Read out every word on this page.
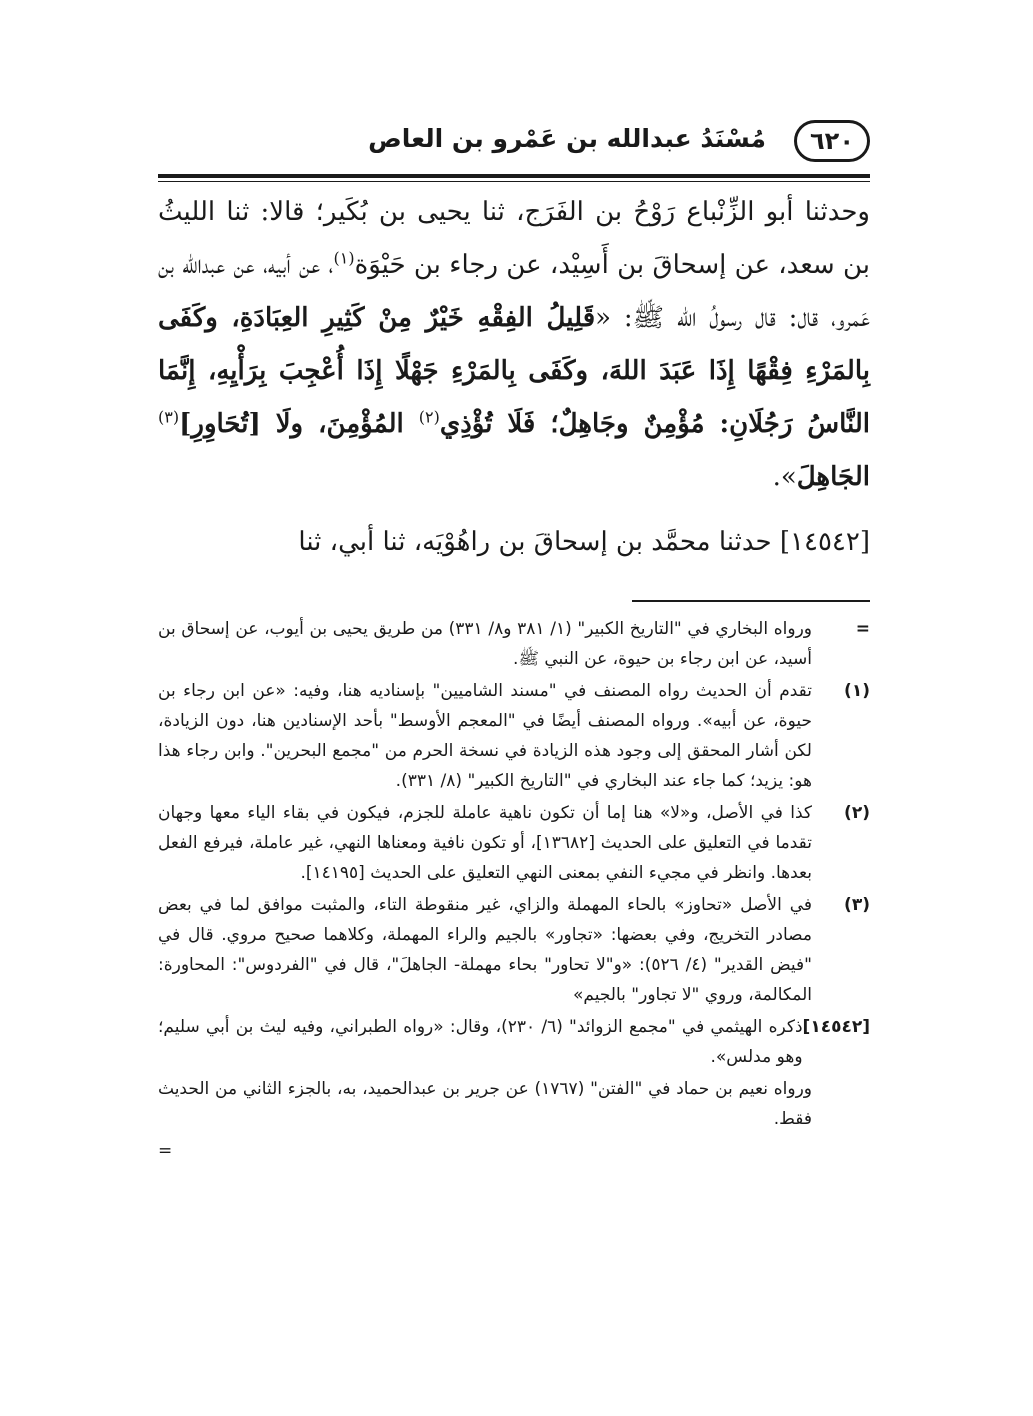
٦٢٠
مُسْنَدُ عبدالله بن عَمْرو بن العاص

وحدثنا أبو الزِّنْباع رَوْحُ بن الفَرَج، ثنا يحيى بن بُكَير؛ قالا: ثنا الليثُ بن سعد، عن إسحاقَ بن أَسِيْد، عن رجاء بن حَيْوَة$^{(١)}$، عن أبيه، عن عبدالله بن عَمرو، قال: قال رسولُ الله ﷺ: «قَلِيلُ الفِقْهِ خَيْرٌ مِنْ كَثِيرِ العِبَادَةِ، وكَفَى بِالمَرْءِ فِقْهًا إِذَا عَبَدَ اللهَ، وكَفَى بِالمَرْءِ جَهْلًا إِذَا أُعْجِبَ بِرَأْيِهِ، إِنَّمَا النَّاسُ رَجُلَانِ: مُؤْمِنٌ وجَاهِلٌ؛ فَلَا تُؤْذِي$^{(٢)}$ المُؤْمِنَ، ولَا [تُحَاوِرِ]$^{(٣)}$ الجَاهِلَ».

[١٤٥٤٢] حدثنا محمَّد بن إسحاقَ بن راهُوْيَه، ثنا أبي، ثنا

=
ورواه البخاري في "التاريخ الكبير" (١/ ٣٨١ و٨/ ٣٣١) من طريق يحيى بن أيوب، عن إسحاق بن أسيد، عن ابن رجاء بن حيوة، عن النبي ﷺ.
(١)
تقدم أن الحديث رواه المصنف في "مسند الشاميين" بإسناديه هنا، وفيه: «عن ابن رجاء بن حيوة، عن أبيه». ورواه المصنف أيضًا في "المعجم الأوسط" بأحد الإسنادين هنا، دون الزيادة، لكن أشار المحقق إلى وجود هذه الزيادة في نسخة الحرم من "مجمع البحرين". وابن رجاء هذا هو: يزيد؛ كما جاء عند البخاري في "التاريخ الكبير" (٨/ ٣٣١).
(٢)
كذا في الأصل، و«لا» هنا إما أن تكون ناهية عاملة للجزم، فيكون في بقاء الياء معها وجهان تقدما في التعليق على الحديث [١٣٦٨٢]، أو تكون نافية ومعناها النهي، غير عاملة، فيرفع الفعل بعدها. وانظر في مجيء النفي بمعنى النهي التعليق على الحديث [١٤١٩٥].
(٣)
في الأصل «تحاوز» بالحاء المهملة والزاي، غير منقوطة التاء، والمثبت موافق لما في بعض مصادر التخريج، وفي بعضها: «تجاور» بالجيم والراء المهملة، وكلاهما صحيح مروي. قال في "فيض القدير" (٤/ ٥٢٦): «و"لا تحاور" بحاء مهملة- الجاهلَ"، قال في "الفردوس": المحاورة: المكالمة، وروي "لا تجاور" بالجيم»
[١٤٥٤٢]
ذكره الهيثمي في "مجمع الزوائد" (٦/ ٢٣٠)، وقال: «رواه الطبراني، وفيه ليث بن أبي سليم؛ وهو مدلس».
ورواه نعيم بن حماد في "الفتن" (١٧٦٧) عن جرير بن عبدالحميد، به، بالجزء الثاني من الحديث فقط.
=
